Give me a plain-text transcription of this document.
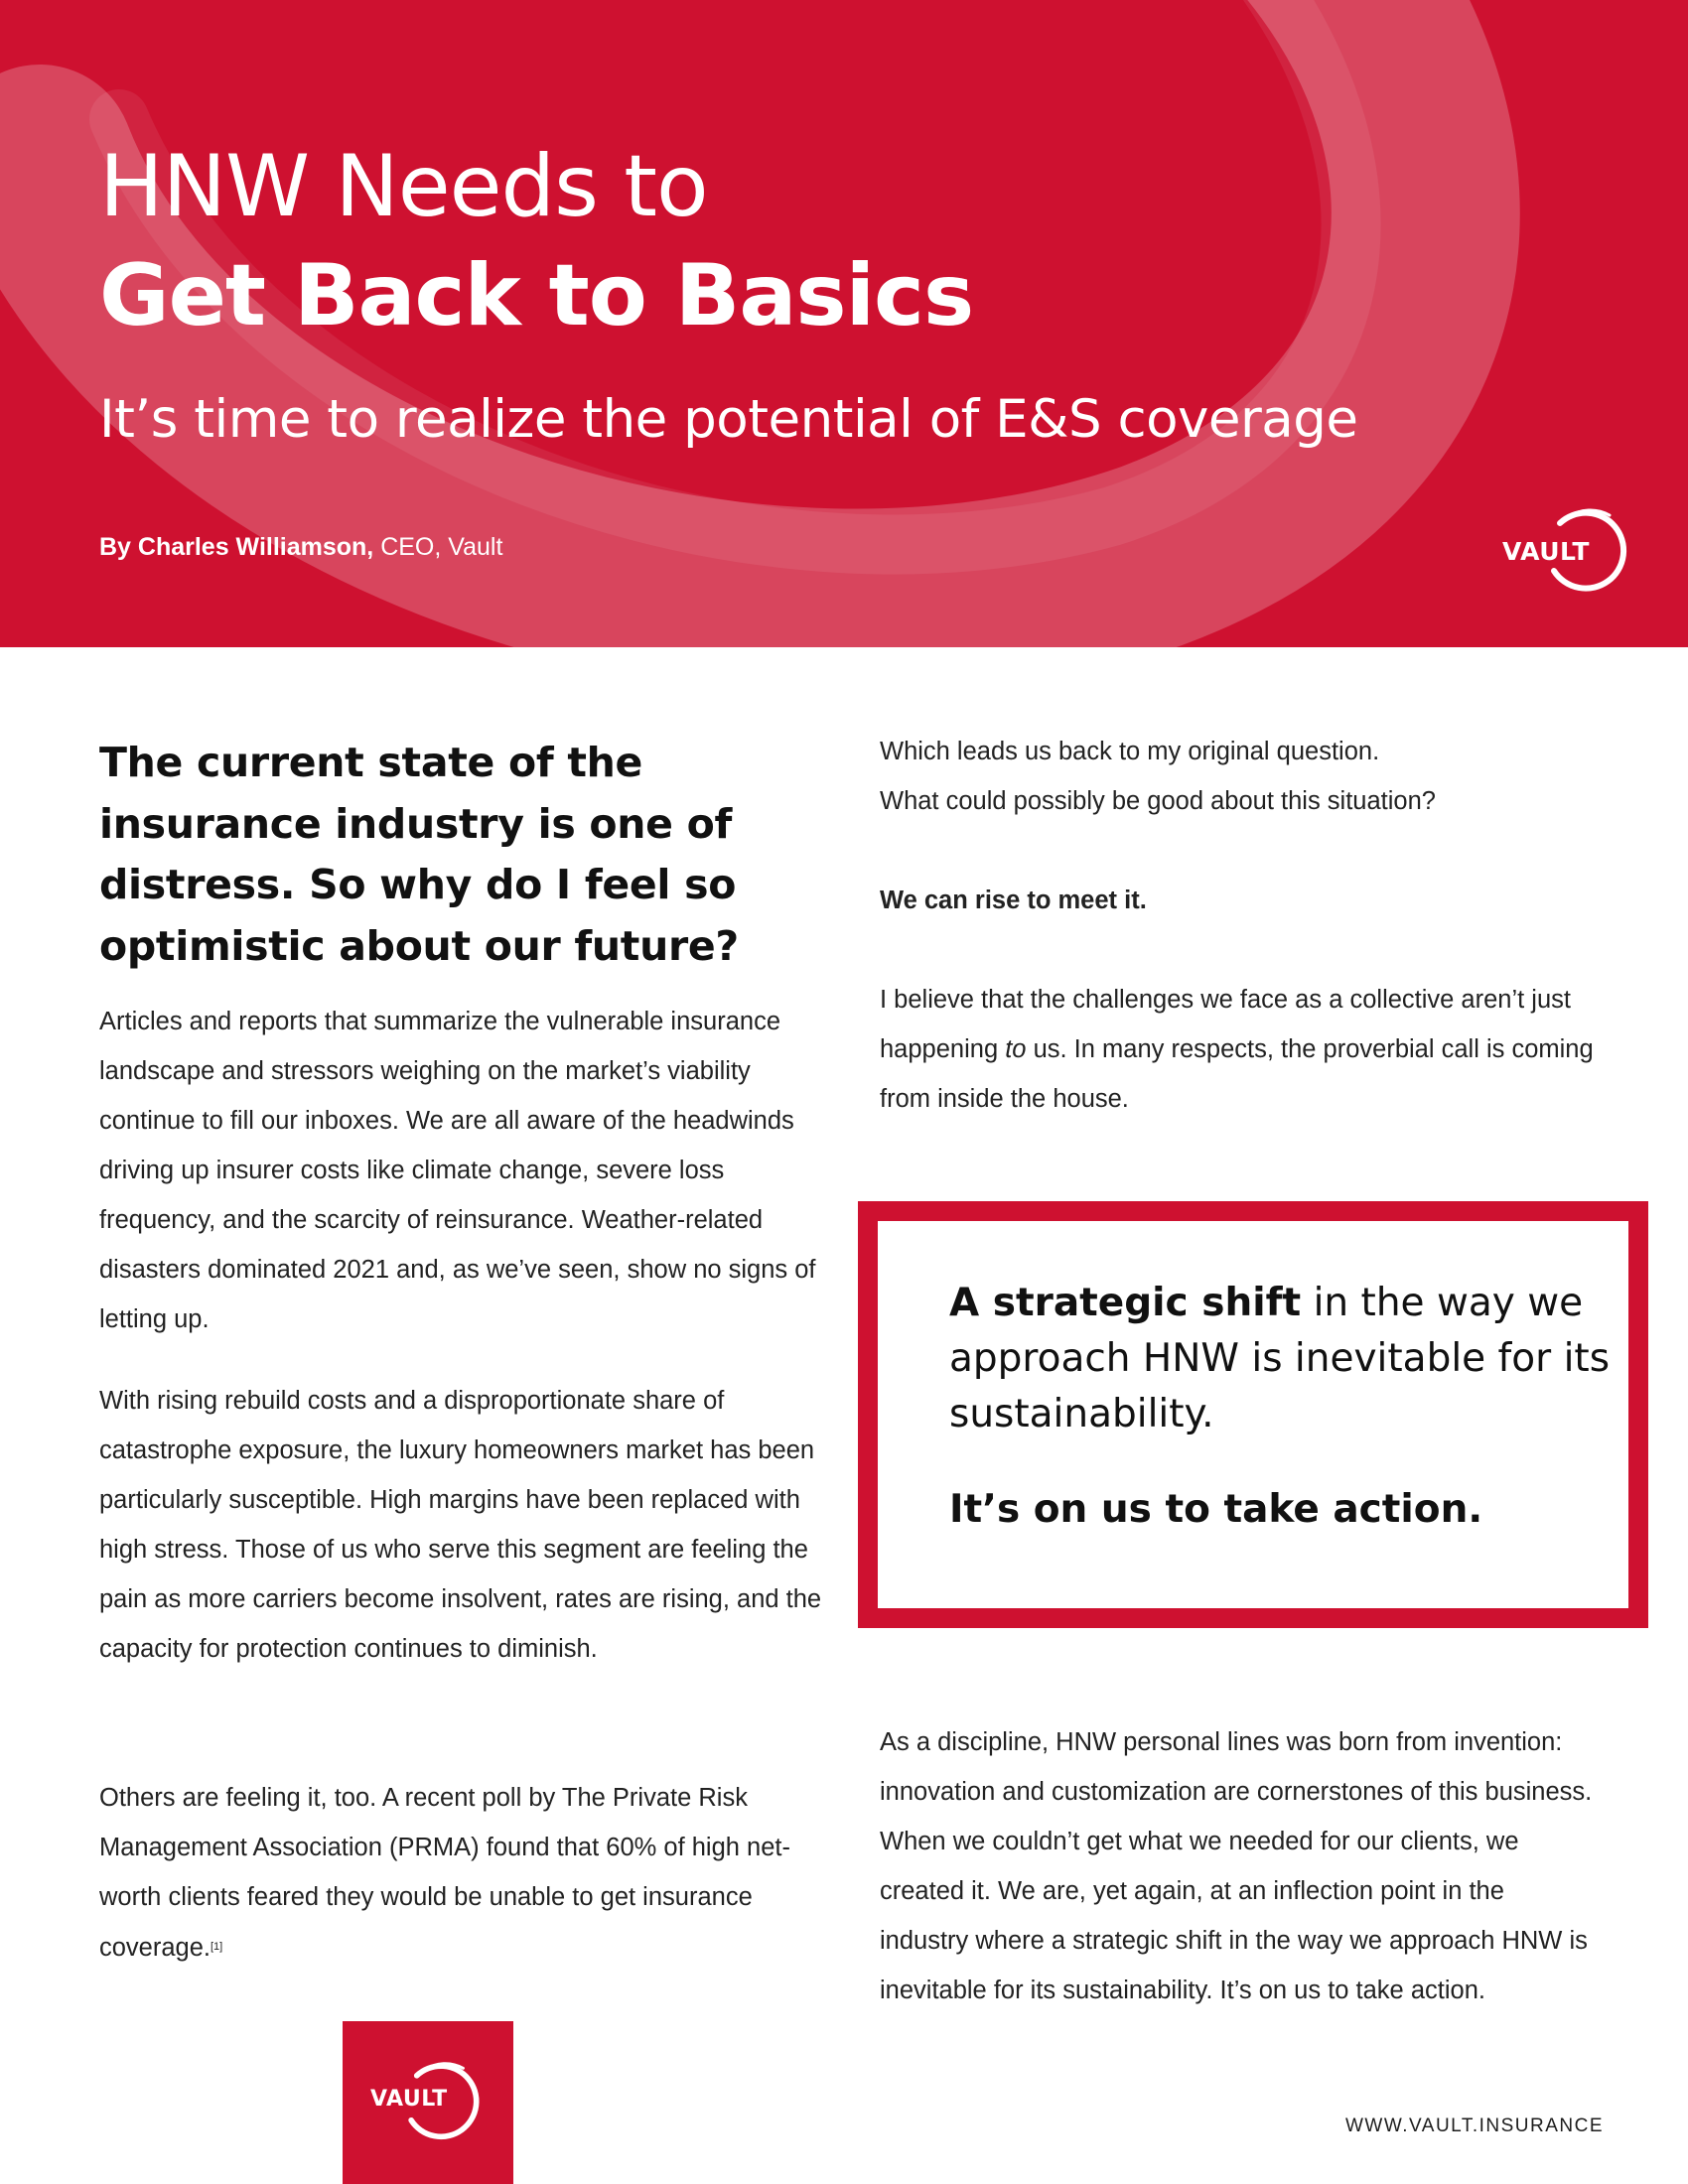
HNW Needs to
Get Back to Basics
It’s time to realize the potential of E&S coverage

By Charles Williamson, CEO, Vault	VAULT
The current state of the insurance industry is one of distress. So why do I feel so optimistic about our future?

Articles and reports that summarize the vulnerable insurance landscape and stressors weighing on the market’s viability continue to fill our inboxes. We are all aware of the headwinds driving up insurer costs like climate change, severe loss frequency, and the scarcity of reinsurance. Weather-related disasters dominated 2021 and, as we’ve seen, show no signs of letting up.

With rising rebuild costs and a disproportionate share of catastrophe exposure, the luxury homeowners market has been particularly susceptible. High margins have been replaced with high stress. Those of us who serve this segment are feeling the pain as more carriers become insolvent, rates are rising, and the capacity for protection continues to diminish.

Others are feeling it, too. A recent poll by The Private Risk Management Association (PRMA) found that 60% of high net-worth clients feared they would be unable to get insurance coverage.[1]

Which leads us back to my original question.

What could possibly be good about this situation?

We can rise to meet it.

I believe that the challenges we face as a collective aren’t just happening to us. In many respects, the proverbial call is coming from inside the house.

A strategic shift in the way we approach HNW is inevitable for its sustainability.

It’s on us to take action.

As a discipline, HNW personal lines was born from invention: innovation and customization are cornerstones of this business. When we couldn’t get what we needed for our clients, we created it. We are, yet again, at an inflection point in the industry where a strategic shift in the way we approach HNW is inevitable for its sustainability. It’s on us to take action.

VAULT

WWW.VAULT.INSURANCE
